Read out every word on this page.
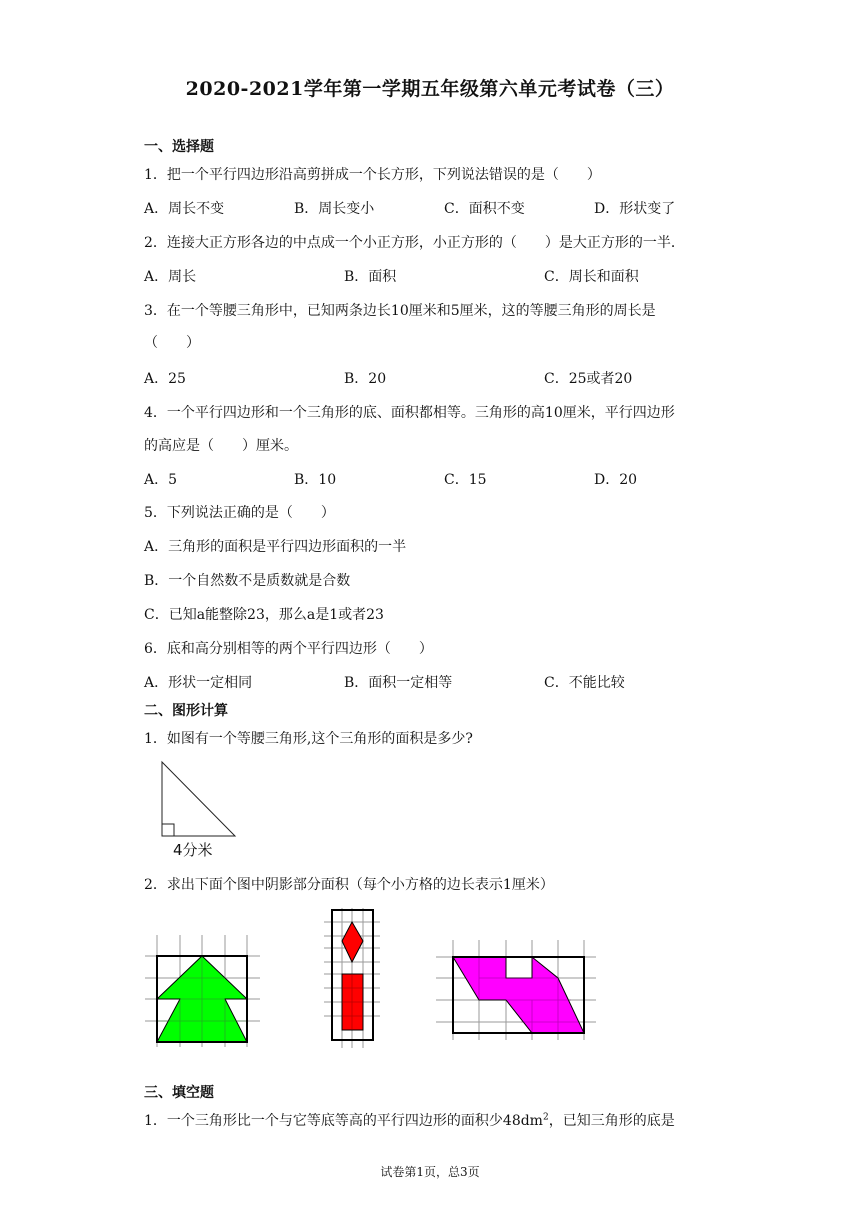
2020-2021学年第一学期五年级第六单元考试卷（三）
一、选择题
1．把一个平行四边形沿高剪拼成一个长方形，下列说法错误的是（　　）
A．周长不变	B．周长变小	C．面积不变	D．形状变了
2．连接大正方形各边的中点成一个小正方形，小正方形的（　　）是大正方形的一半．
A．周长	B．面积	C．周长和面积
3．在一个等腰三角形中，已知两条边长10厘米和5厘米，这的等腰三角形的周长是
（　　）
A．25	B．20	C．25或者20
4．一个平行四边形和一个三角形的底、面积都相等。三角形的高10厘米，平行四边形
的高应是（　　）厘米。
A．5	B．10	C．15	D．20
5．下列说法正确的是（　　）
A．三角形的面积是平行四边形面积的一半
B．一个自然数不是质数就是合数
C．已知a能整除23，那么a是1或者23
6．底和高分别相等的两个平行四边形（　　）
A．形状一定相同	B．面积一定相等	C．不能比较
二、图形计算
1．如图有一个等腰三角形,这个三角形的面积是多少?
4分米
2．求出下面个图中阴影部分面积（每个小方格的边长表示1厘米）
三、填空题
1．一个三角形比一个与它等底等高的平行四边形的面积少$48dm^2$，已知三角形的底是
试卷第1页，总3页
